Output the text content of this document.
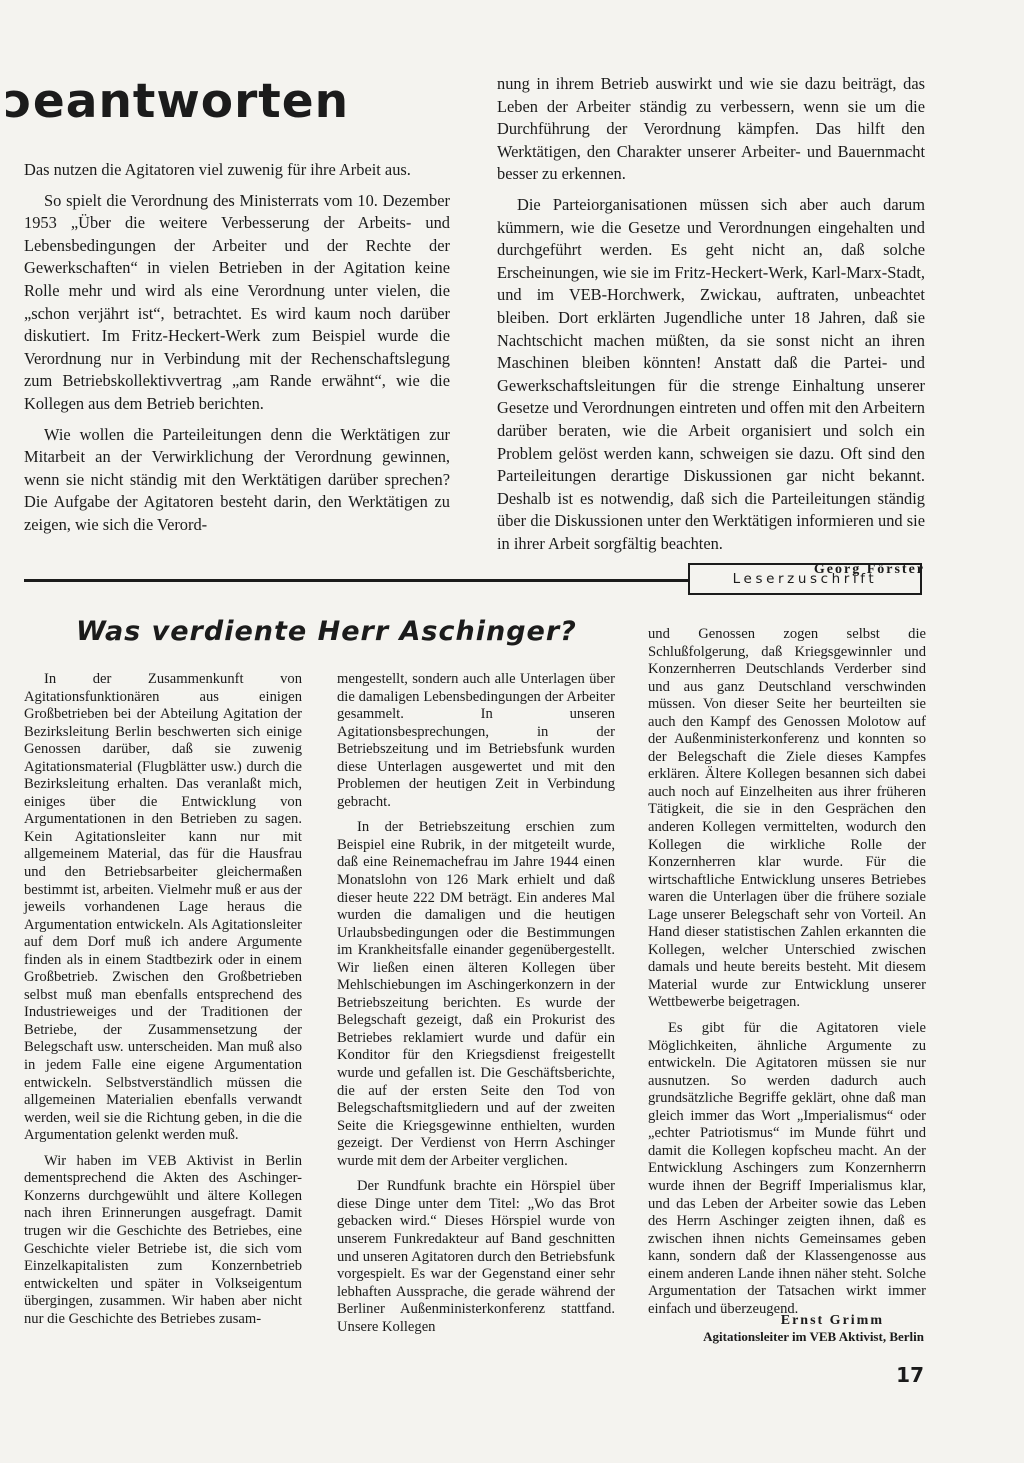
ɔeantworten

Das nutzen die Agitatoren viel zuwenig für ihre Arbeit aus.

So spielt die Verordnung des Ministerrats vom 10. Dezember 1953 „Über die weitere Verbesserung der Arbeits- und Lebensbedingungen der Arbeiter und der Rechte der Gewerkschaften“ in vielen Betrieben in der Agitation keine Rolle mehr und wird als eine Verordnung unter vielen, die „schon verjährt ist“, betrachtet. Es wird kaum noch darüber diskutiert. Im Fritz-Heckert-Werk zum Beispiel wurde die Verordnung nur in Verbindung mit der Rechenschaftslegung zum Betriebskollektivvertrag „am Rande erwähnt“, wie die Kollegen aus dem Betrieb berichten.

Wie wollen die Parteileitungen denn die Werktätigen zur Mitarbeit an der Verwirklichung der Verordnung gewinnen, wenn sie nicht ständig mit den Werktätigen darüber sprechen? Die Aufgabe der Agitatoren besteht darin, den Werktätigen zu zeigen, wie sich die Verord-

nung in ihrem Betrieb auswirkt und wie sie dazu beiträgt, das Leben der Arbeiter ständig zu verbessern, wenn sie um die Durchführung der Verordnung kämpfen. Das hilft den Werktätigen, den Charakter unserer Arbeiter- und Bauernmacht besser zu erkennen.

Die Parteiorganisationen müssen sich aber auch darum kümmern, wie die Gesetze und Verordnungen eingehalten und durchgeführt werden. Es geht nicht an, daß solche Erscheinungen, wie sie im Fritz-Heckert-Werk, Karl-Marx-Stadt, und im VEB-Horchwerk, Zwickau, auftraten, unbeachtet bleiben. Dort erklärten Jugendliche unter 18 Jahren, daß sie Nachtschicht machen müßten, da sie sonst nicht an ihren Maschinen bleiben könnten! Anstatt daß die Partei- und Gewerkschaftsleitungen für die strenge Einhaltung unserer Gesetze und Verordnungen eintreten und offen mit den Arbeitern darüber beraten, wie die Arbeit organisiert und solch ein Problem gelöst werden kann, schweigen sie dazu. Oft sind den Parteileitungen derartige Diskussionen gar nicht bekannt. Deshalb ist es notwendig, daß sich die Parteileitungen ständig über die Diskussionen unter den Werktätigen informieren und sie in ihrer Arbeit sorgfältig beachten.

Georg Förster
Leserzuschrift
Was verdiente Herr Aschinger?

In der Zusammenkunft von Agitationsfunktionären aus einigen Großbetrieben bei der Abteilung Agitation der Bezirksleitung Berlin beschwerten sich einige Genossen darüber, daß sie zuwenig Agitationsmaterial (Flugblätter usw.) durch die Bezirksleitung erhalten. Das veranlaßt mich, einiges über die Entwicklung von Argumentationen in den Betrieben zu sagen. Kein Agitationsleiter kann nur mit allgemeinem Material, das für die Hausfrau und den Betriebsarbeiter gleichermaßen bestimmt ist, arbeiten. Vielmehr muß er aus der jeweils vorhandenen Lage heraus die Argumentation entwickeln. Als Agitationsleiter auf dem Dorf muß ich andere Argumente finden als in einem Stadtbezirk oder in einem Großbetrieb. Zwischen den Großbetrieben selbst muß man ebenfalls entsprechend des Industrieweiges und der Traditionen der Betriebe, der Zusammensetzung der Belegschaft usw. unterscheiden. Man muß also in jedem Falle eine eigene Argumentation entwickeln. Selbstverständlich müssen die allgemeinen Materialien ebenfalls verwandt werden, weil sie die Richtung geben, in die die Argumentation gelenkt werden muß.

Wir haben im VEB Aktivist in Berlin dementsprechend die Akten des Aschinger-Konzerns durchgewühlt und ältere Kollegen nach ihren Erinnerungen ausgefragt. Damit trugen wir die Geschichte des Betriebes, eine Geschichte vieler Betriebe ist, die sich vom Einzelkapitalisten zum Konzernbetrieb entwickelten und später in Volkseigentum übergingen, zusammen. Wir haben aber nicht nur die Geschichte des Betriebes zusam-

mengestellt, sondern auch alle Unterlagen über die damaligen Lebensbedingungen der Arbeiter gesammelt. In unseren Agitationsbesprechungen, in der Betriebszeitung und im Betriebsfunk wurden diese Unterlagen ausgewertet und mit den Problemen der heutigen Zeit in Verbindung gebracht.

In der Betriebszeitung erschien zum Beispiel eine Rubrik, in der mitgeteilt wurde, daß eine Reinemachefrau im Jahre 1944 einen Monatslohn von 126 Mark erhielt und daß dieser heute 222 DM beträgt. Ein anderes Mal wurden die damaligen und die heutigen Urlaubsbedingungen oder die Bestimmungen im Krankheitsfalle einander gegenübergestellt. Wir ließen einen älteren Kollegen über Mehlschiebungen im Aschingerkonzern in der Betriebszeitung berichten. Es wurde der Belegschaft gezeigt, daß ein Prokurist des Betriebes reklamiert wurde und dafür ein Konditor für den Kriegsdienst freigestellt wurde und gefallen ist. Die Geschäftsberichte, die auf der ersten Seite den Tod von Belegschaftsmitgliedern und auf der zweiten Seite die Kriegsgewinne enthielten, wurden gezeigt. Der Verdienst von Herrn Aschinger wurde mit dem der Arbeiter verglichen.

Der Rundfunk brachte ein Hörspiel über diese Dinge unter dem Titel: „Wo das Brot gebacken wird.“ Dieses Hörspiel wurde von unserem Funkredakteur auf Band geschnitten und unseren Agitatoren durch den Betriebsfunk vorgespielt. Es war der Gegenstand einer sehr lebhaften Aussprache, die gerade während der Berliner Außenministerkonferenz stattfand. Unsere Kollegen

und Genossen zogen selbst die Schlußfolgerung, daß Kriegsgewinnler und Konzernherren Deutschlands Verderber sind und aus ganz Deutschland verschwinden müssen. Von dieser Seite her beurteilten sie auch den Kampf des Genossen Molotow auf der Außenministerkonferenz und konnten so der Belegschaft die Ziele dieses Kampfes erklären. Ältere Kollegen besannen sich dabei auch noch auf Einzelheiten aus ihrer früheren Tätigkeit, die sie in den Gesprächen den anderen Kollegen vermittelten, wodurch den Kollegen die wirkliche Rolle der Konzernherren klar wurde. Für die wirtschaftliche Entwicklung unseres Betriebes waren die Unterlagen über die frühere soziale Lage unserer Belegschaft sehr von Vorteil. An Hand dieser statistischen Zahlen erkannten die Kollegen, welcher Unterschied zwischen damals und heute bereits besteht. Mit diesem Material wurde zur Entwicklung unserer Wettbewerbe beigetragen.

Es gibt für die Agitatoren viele Möglichkeiten, ähnliche Argumente zu entwickeln. Die Agitatoren müssen sie nur ausnutzen. So werden dadurch auch grundsätzliche Begriffe geklärt, ohne daß man gleich immer das Wort „Imperialismus“ oder „echter Patriotismus“ im Munde führt und damit die Kollegen kopfscheu macht. An der Entwicklung Aschingers zum Konzernherrn wurde ihnen der Begriff Imperialismus klar, und das Leben der Arbeiter sowie das Leben des Herrn Aschinger zeigten ihnen, daß es zwischen ihnen nichts Gemeinsames geben kann, sondern daß der Klassengenosse aus einem anderen Lande ihnen näher steht. Solche Argumentation der Tatsachen wirkt immer einfach und überzeugend.

Ernst Grimm
Agitationsleiter im VEB Aktivist, Berlin
17
